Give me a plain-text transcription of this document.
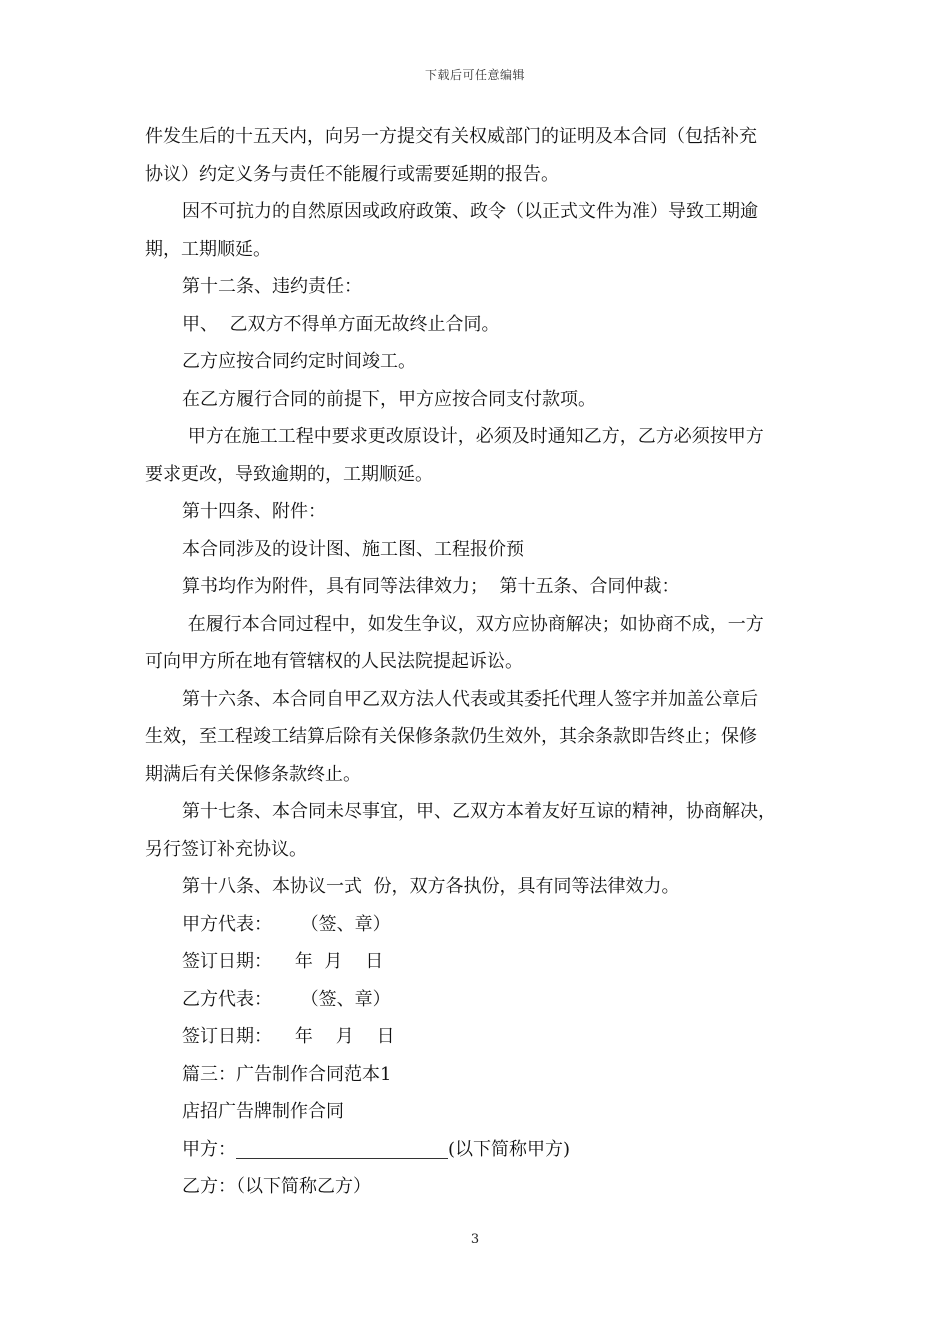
下载后可任意编辑
件发生后的十五天内，向另一方提交有关权威部门的证明及本合同（包括补充
协议）约定义务与责任不能履行或需要延期的报告。
因不可抗力的自然原因或政府政策、政令（以正式文件为准）导致工期逾
期，工期顺延。
第十二条、违约责任：
甲、  乙双方不得单方面无故终止合同。
乙方应按合同约定时间竣工。
在乙方履行合同的前提下，甲方应按合同支付款项。
甲方在施工工程中要求更改原设计，必须及时通知乙方，乙方必须按甲方
要求更改，导致逾期的，工期顺延。
第十四条、附件：
本合同涉及的设计图、施工图、工程报价预
算书均作为附件，具有同等法律效力；  第十五条、合同仲裁：
在履行本合同过程中，如发生争议，双方应协商解决；如协商不成，一方
可向甲方所在地有管辖权的人民法院提起诉讼。
第十六条、本合同自甲乙双方法人代表或其委托代理人签字并加盖公章后
生效，至工程竣工结算后除有关保修条款仍生效外，其余条款即告终止；保修
期满后有关保修条款终止。
第十七条、本合同未尽事宜，甲、乙双方本着友好互谅的精神，协商解决，
另行签订补充协议。
第十八条、本协议一式  份，双方各执份，具有同等法律效力。
甲方代表：     （签、章）
签订日期：    年  月    日
乙方代表：     （签、章）
签订日期：    年    月    日
篇三：广告制作合同范本1
店招广告牌制作合同
甲方：	(以下简称甲方)
乙方：（以下简称乙方）
3
